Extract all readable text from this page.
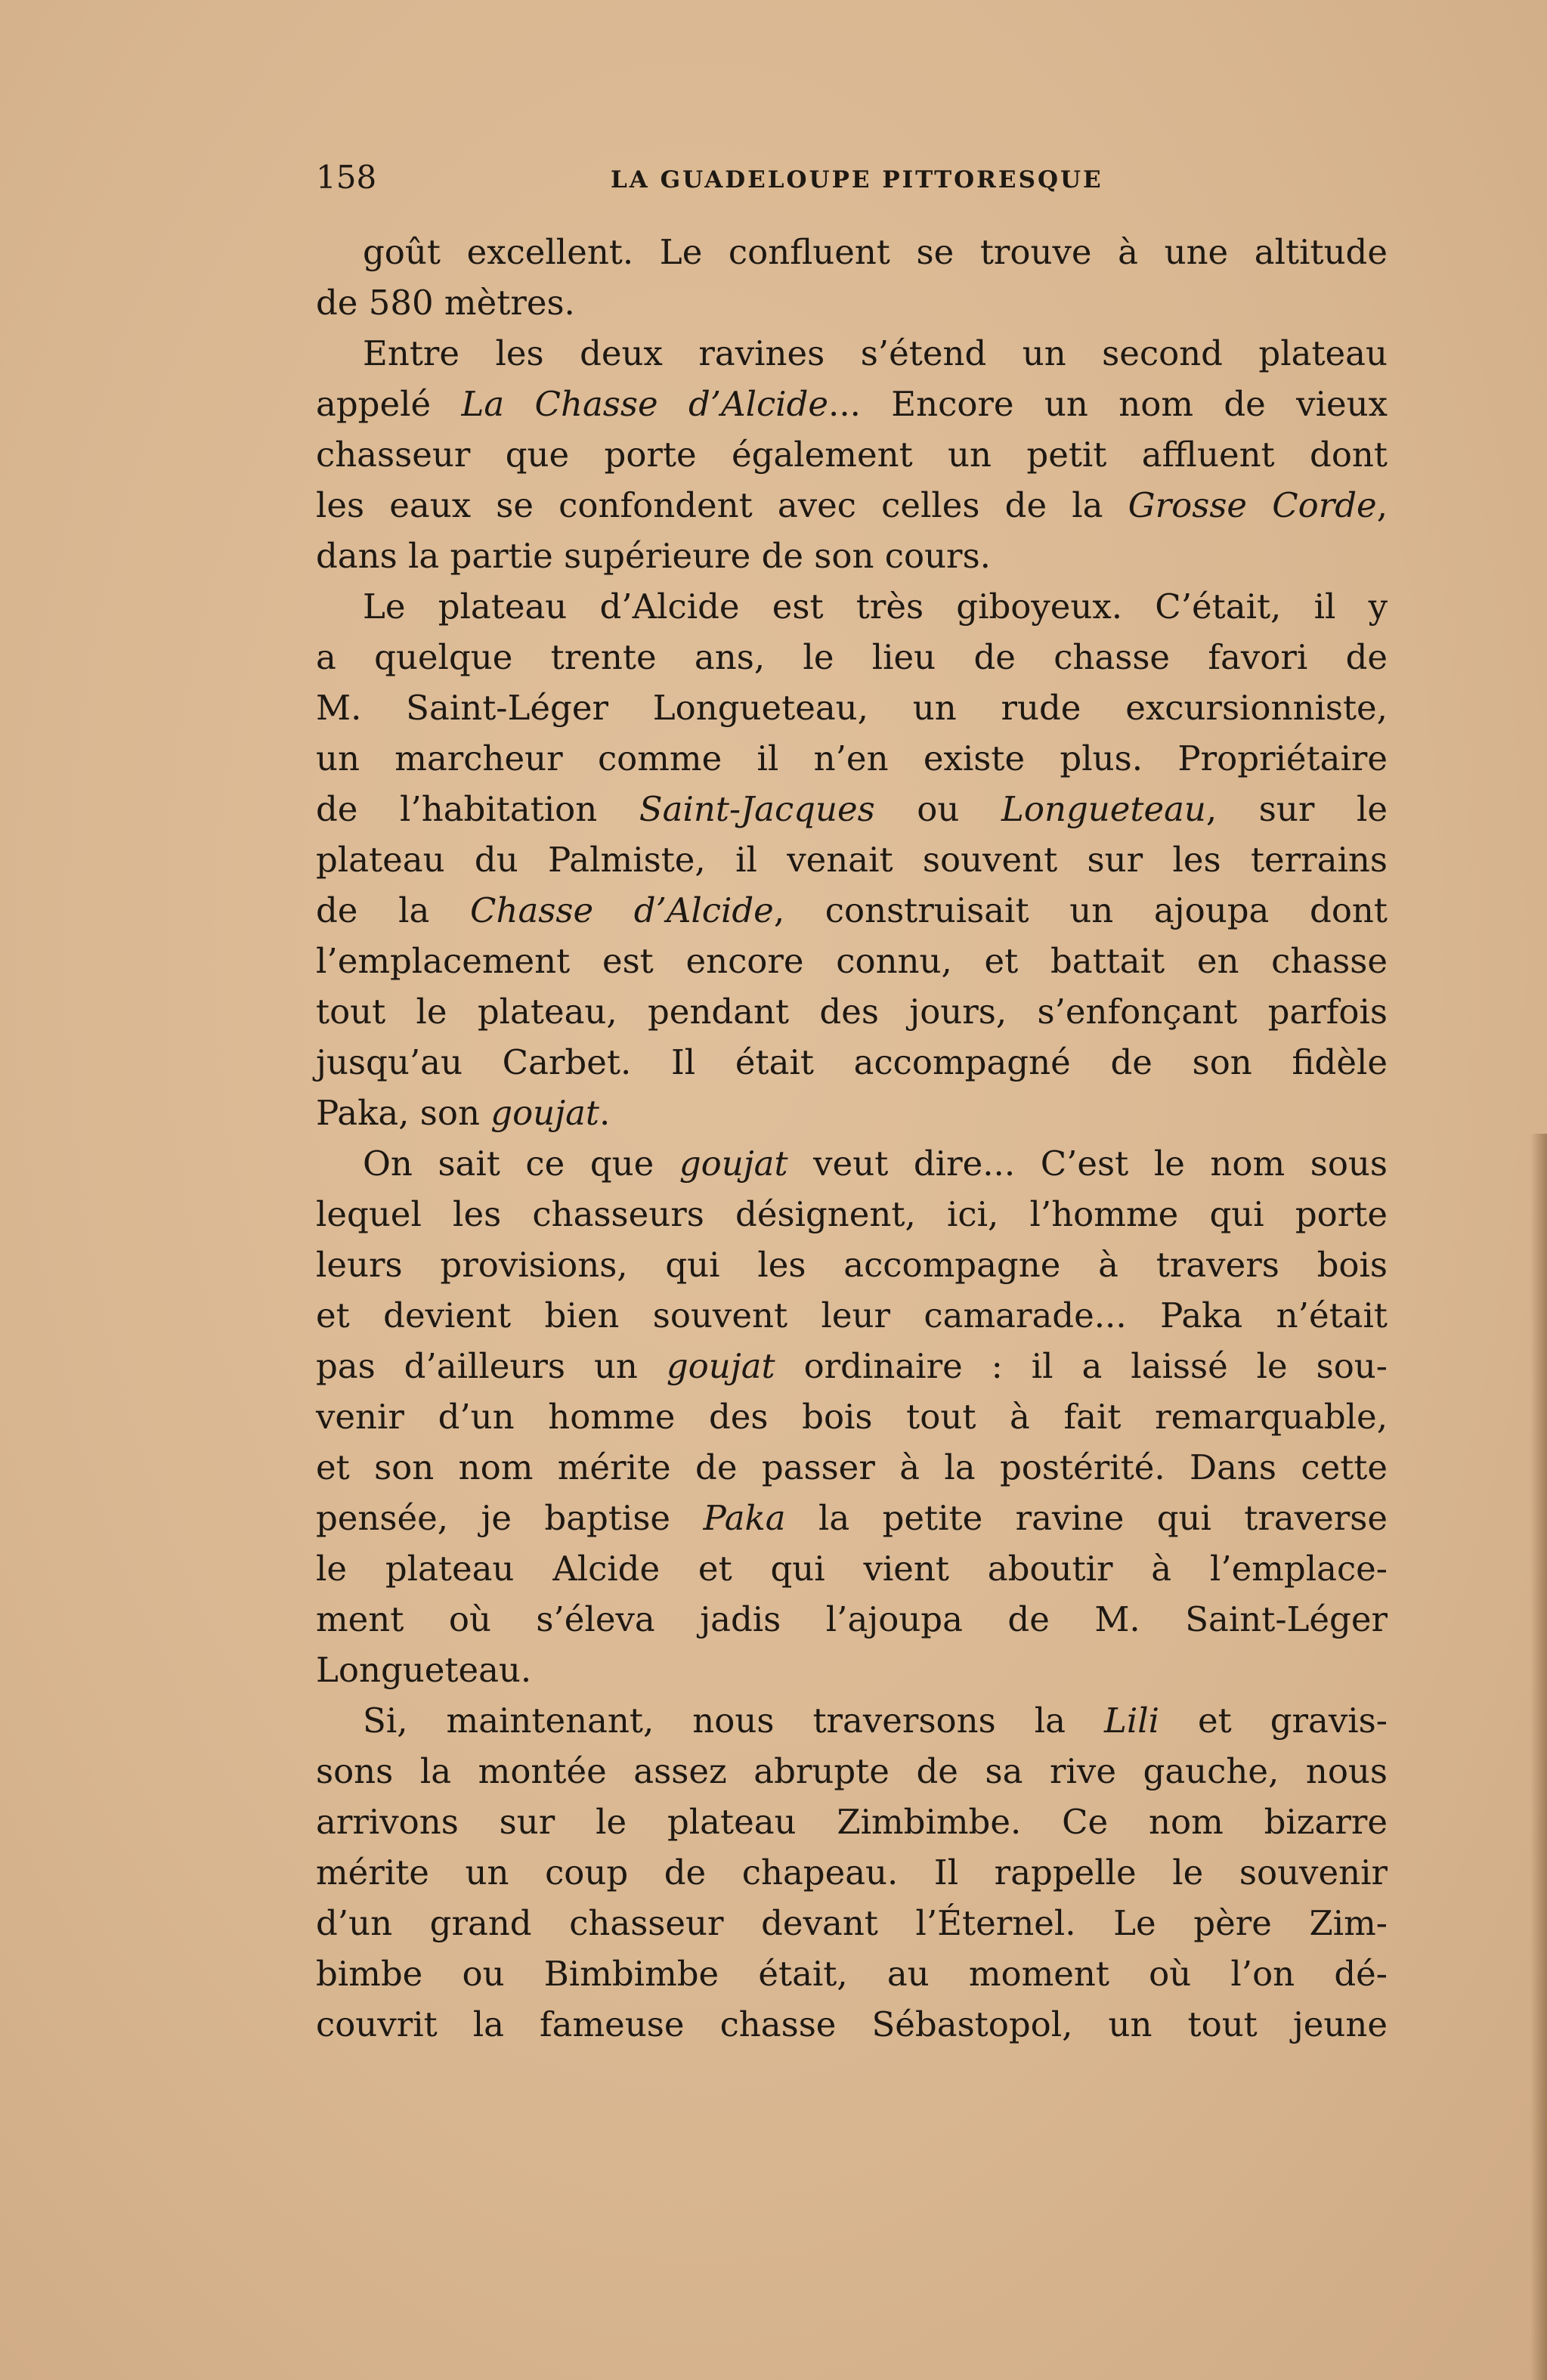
158	LA GUADELOUPE PITTORESQUE
goût excellent. Le confluent se trouve à une altitude
de 580 mètres.
Entre les deux ravines s’étend un second plateau
appelé La Chasse d’Alcide... Encore un nom de vieux
chasseur que porte également un petit affluent dont
les eaux se confondent avec celles de la Grosse Corde,
dans la partie supérieure de son cours.
Le plateau d’Alcide est très giboyeux. C’était, il y
a quelque trente ans, le lieu de chasse favori de
M. Saint-Léger Longueteau, un rude excursionniste,
un marcheur comme il n’en existe plus. Propriétaire
de l’habitation Saint-Jacques ou Longueteau, sur le
plateau du Palmiste, il venait souvent sur les terrains
de la Chasse d’Alcide, construisait un ajoupa dont
l’emplacement est encore connu, et battait en chasse
tout le plateau, pendant des jours, s’enfonçant parfois
jusqu’au Carbet. Il était accompagné de son fidèle
Paka, son goujat.
On sait ce que goujat veut dire... C’est le nom sous
lequel les chasseurs désignent, ici, l’homme qui porte
leurs provisions, qui les accompagne à travers bois
et devient bien souvent leur camarade... Paka n’était
pas d’ailleurs un goujat ordinaire : il a laissé le sou-
venir d’un homme des bois tout à fait remarquable,
et son nom mérite de passer à la postérité. Dans cette
pensée, je baptise Paka la petite ravine qui traverse
le plateau Alcide et qui vient aboutir à l’emplace-
ment où s’éleva jadis l’ajoupa de M. Saint-Léger
Longueteau.
Si, maintenant, nous traversons la Lili et gravis-
sons la montée assez abrupte de sa rive gauche, nous
arrivons sur le plateau Zimbimbe. Ce nom bizarre
mérite un coup de chapeau. Il rappelle le souvenir
d’un grand chasseur devant l’Éternel. Le père Zim-
bimbe ou Bimbimbe était, au moment où l’on dé-
couvrit la fameuse chasse Sébastopol, un tout jeune
